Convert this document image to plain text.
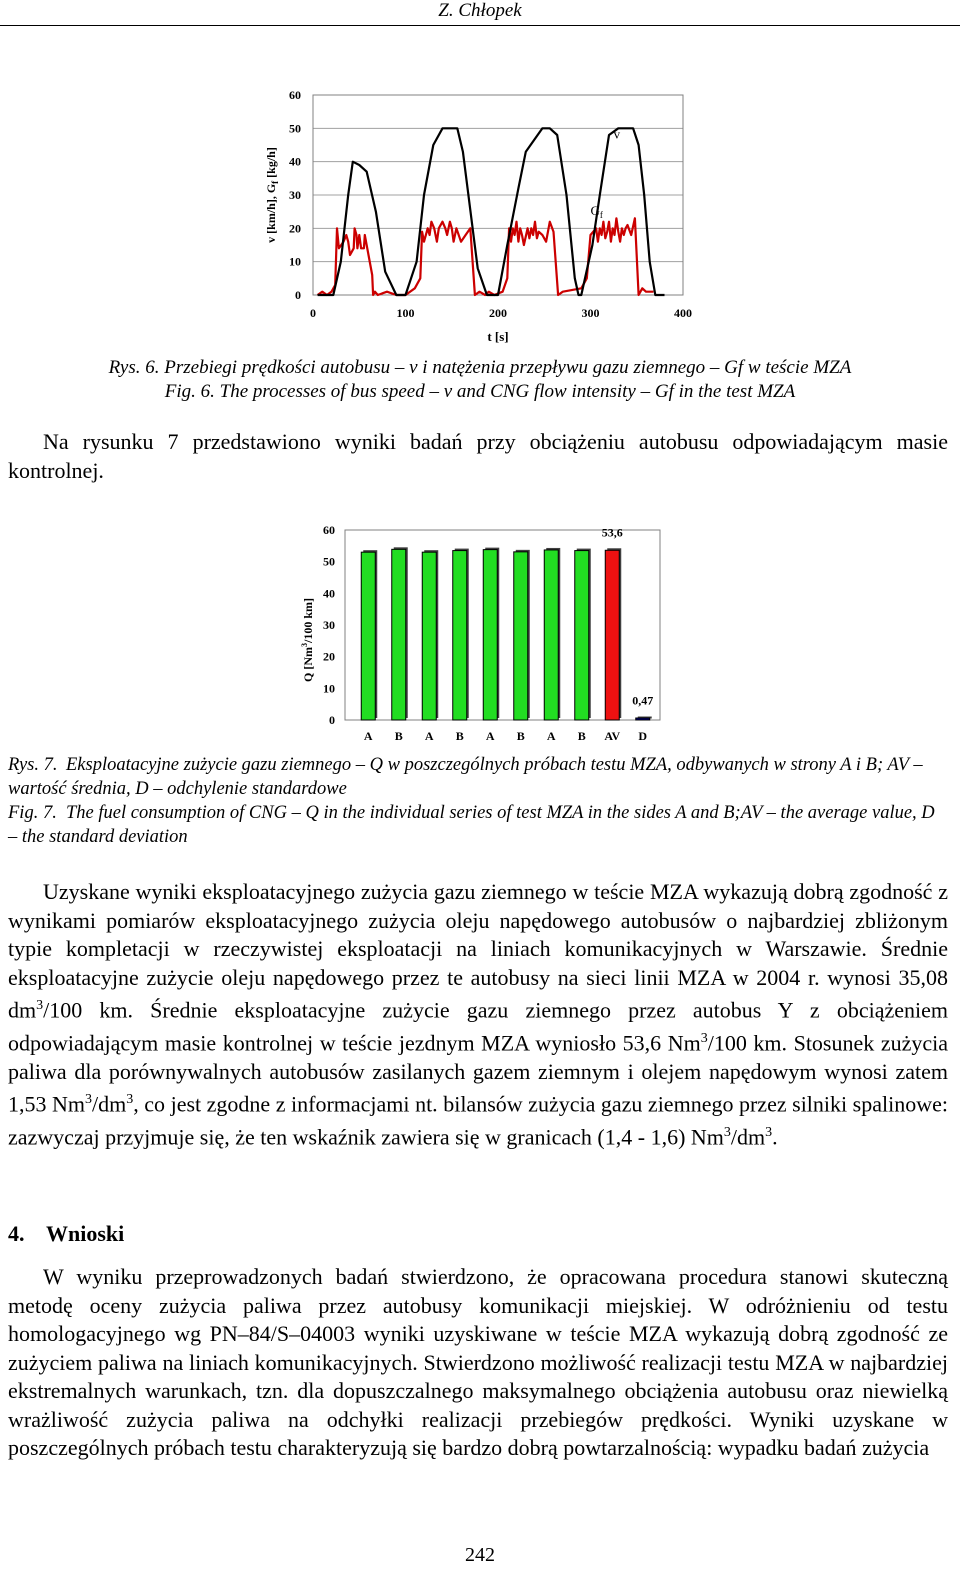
Z. Chłopek
0
10
20
30
40
50
60
0	100	200	300	400
v
$G_f$
t [s]
v [km/h], $G_f$ [kg/h]
Rys. 6. Przebiegi prędkości autobusu – v i natężenia przepływu gazu ziemnego – Gf w teście MZA
Fig. 6. The processes of bus speed – v and CNG flow intensity – Gf in the test MZA
Na rysunku 7 przedstawiono wyniki badań przy obciążeniu autobusu odpowiadającym masie kontrolnej.
0
10
20
30
40
50
60
A B A B A B A B AV D
53,6
0,47
Q [Nm$^3$/100 km]
Rys. 7. Eksploatacyjne zużycie gazu ziemnego – Q w poszczególnych próbach testu MZA, odbywanych w strony A i B; AV – wartość średnia, D – odchylenie standardowe
Fig. 7. The fuel consumption of CNG – Q in the individual series of test MZA in the sides A and B;AV – the average value, D – the standard deviation
Uzyskane wyniki eksploatacyjnego zużycia gazu ziemnego w teście MZA wykazują dobrą zgodność z wynikami pomiarów eksploatacyjnego zużycia oleju napędowego autobusów o najbardziej zbliżonym typie kompletacji w rzeczywistej eksploatacji na liniach komunikacyjnych w Warszawie. Średnie eksploatacyjne zużycie oleju napędowego przez te autobusy na sieci linii MZA w 2004 r. wynosi 35,08 $dm^3/100$ km. Średnie eksploatacyjne zużycie gazu ziemnego przez autobus Y z obciążeniem odpowiadającym masie kontrolnej w teście jezdnym MZA wyniosło 53,6 Nm$^3$/100 km. Stosunek zużycia paliwa dla porównywalnych autobusów zasilanych gazem ziemnym i olejem napędowym wynosi zatem 1,53 $Nm^3/dm^3$, co jest zgodne z informacjami nt. bilansów zużycia gazu ziemnego przez silniki spalinowe: zazwyczaj przyjmuje się, że ten wskaźnik zawiera się w granicach (1,4 - 1,6) $Nm^3/dm^3$.
4. Wnioski
W wyniku przeprowadzonych badań stwierdzono, że opracowana procedura stanowi skuteczną metodę oceny zużycia paliwa przez autobusy komunikacji miejskiej. W odróżnieniu od testu homologacyjnego wg PN–84/S–04003 wyniki uzyskiwane w teście MZA wykazują dobrą zgodność ze zużyciem paliwa na liniach komunikacyjnych. Stwierdzono możliwość realizacji testu MZA w najbardziej ekstremalnych warunkach, tzn. dla dopuszczalnego maksymalnego obciążenia autobusu oraz niewielką wrażliwość zużycia paliwa na odchyłki realizacji przebiegów prędkości. Wyniki uzyskane w poszczególnych próbach testu charakteryzują się bardzo dobrą powtarzalnością: wypadku badań zużycia
242
